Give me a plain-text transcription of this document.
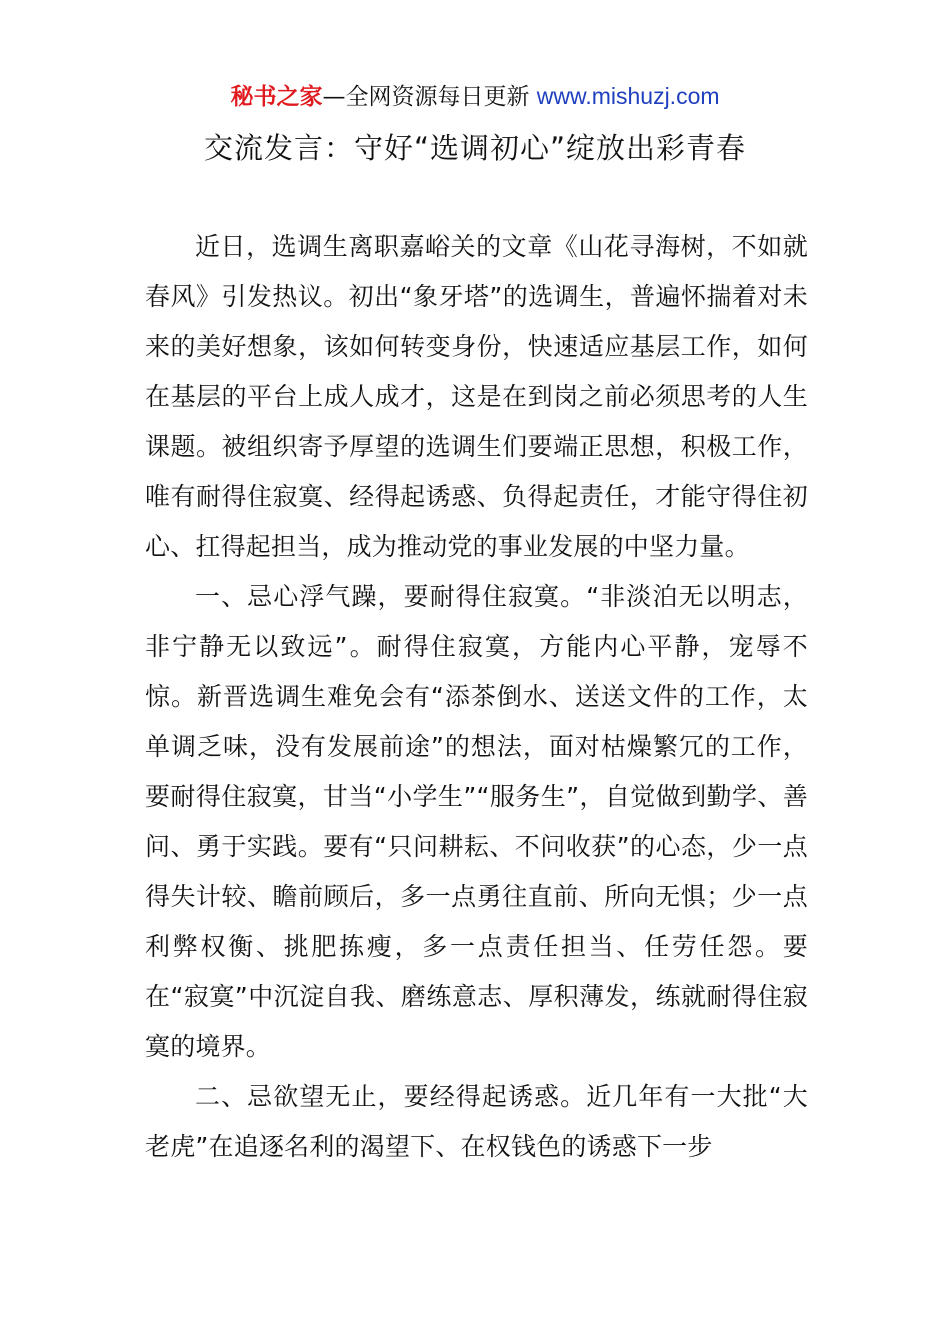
秘书之家—全网资源每日更新 www.mishuzj.com
交流发言：守好“选调初心”绽放出彩青春

近日，选调生离职嘉峪关的文章《山花寻海树，不如就春风》引发热议。初出“象牙塔”的选调生，普遍怀揣着对未来的美好想象，该如何转变身份，快速适应基层工作，如何在基层的平台上成人成才，这是在到岗之前必须思考的人生课题。被组织寄予厚望的选调生们要端正思想，积极工作，唯有耐得住寂寞、经得起诱惑、负得起责任，才能守得住初心、扛得起担当，成为推动党的事业发展的中坚力量。

一、忌心浮气躁，要耐得住寂寞。“非淡泊无以明志，非宁静无以致远”。耐得住寂寞，方能内心平静，宠辱不惊。新晋选调生难免会有“添茶倒水、送送文件的工作，太单调乏味，没有发展前途”的想法，面对枯燥繁冗的工作，要耐得住寂寞，甘当“小学生”“服务生”，自觉做到勤学、善问、勇于实践。要有“只问耕耘、不问收获”的心态，少一点得失计较、瞻前顾后，多一点勇往直前、所向无惧；少一点利弊权衡、挑肥拣瘦，多一点责任担当、任劳任怨。要在“寂寞”中沉淀自我、磨练意志、厚积薄发，练就耐得住寂寞的境界。

二、忌欲望无止，要经得起诱惑。近几年有一大批“大老虎”在追逐名利的渴望下、在权钱色的诱惑下一步
